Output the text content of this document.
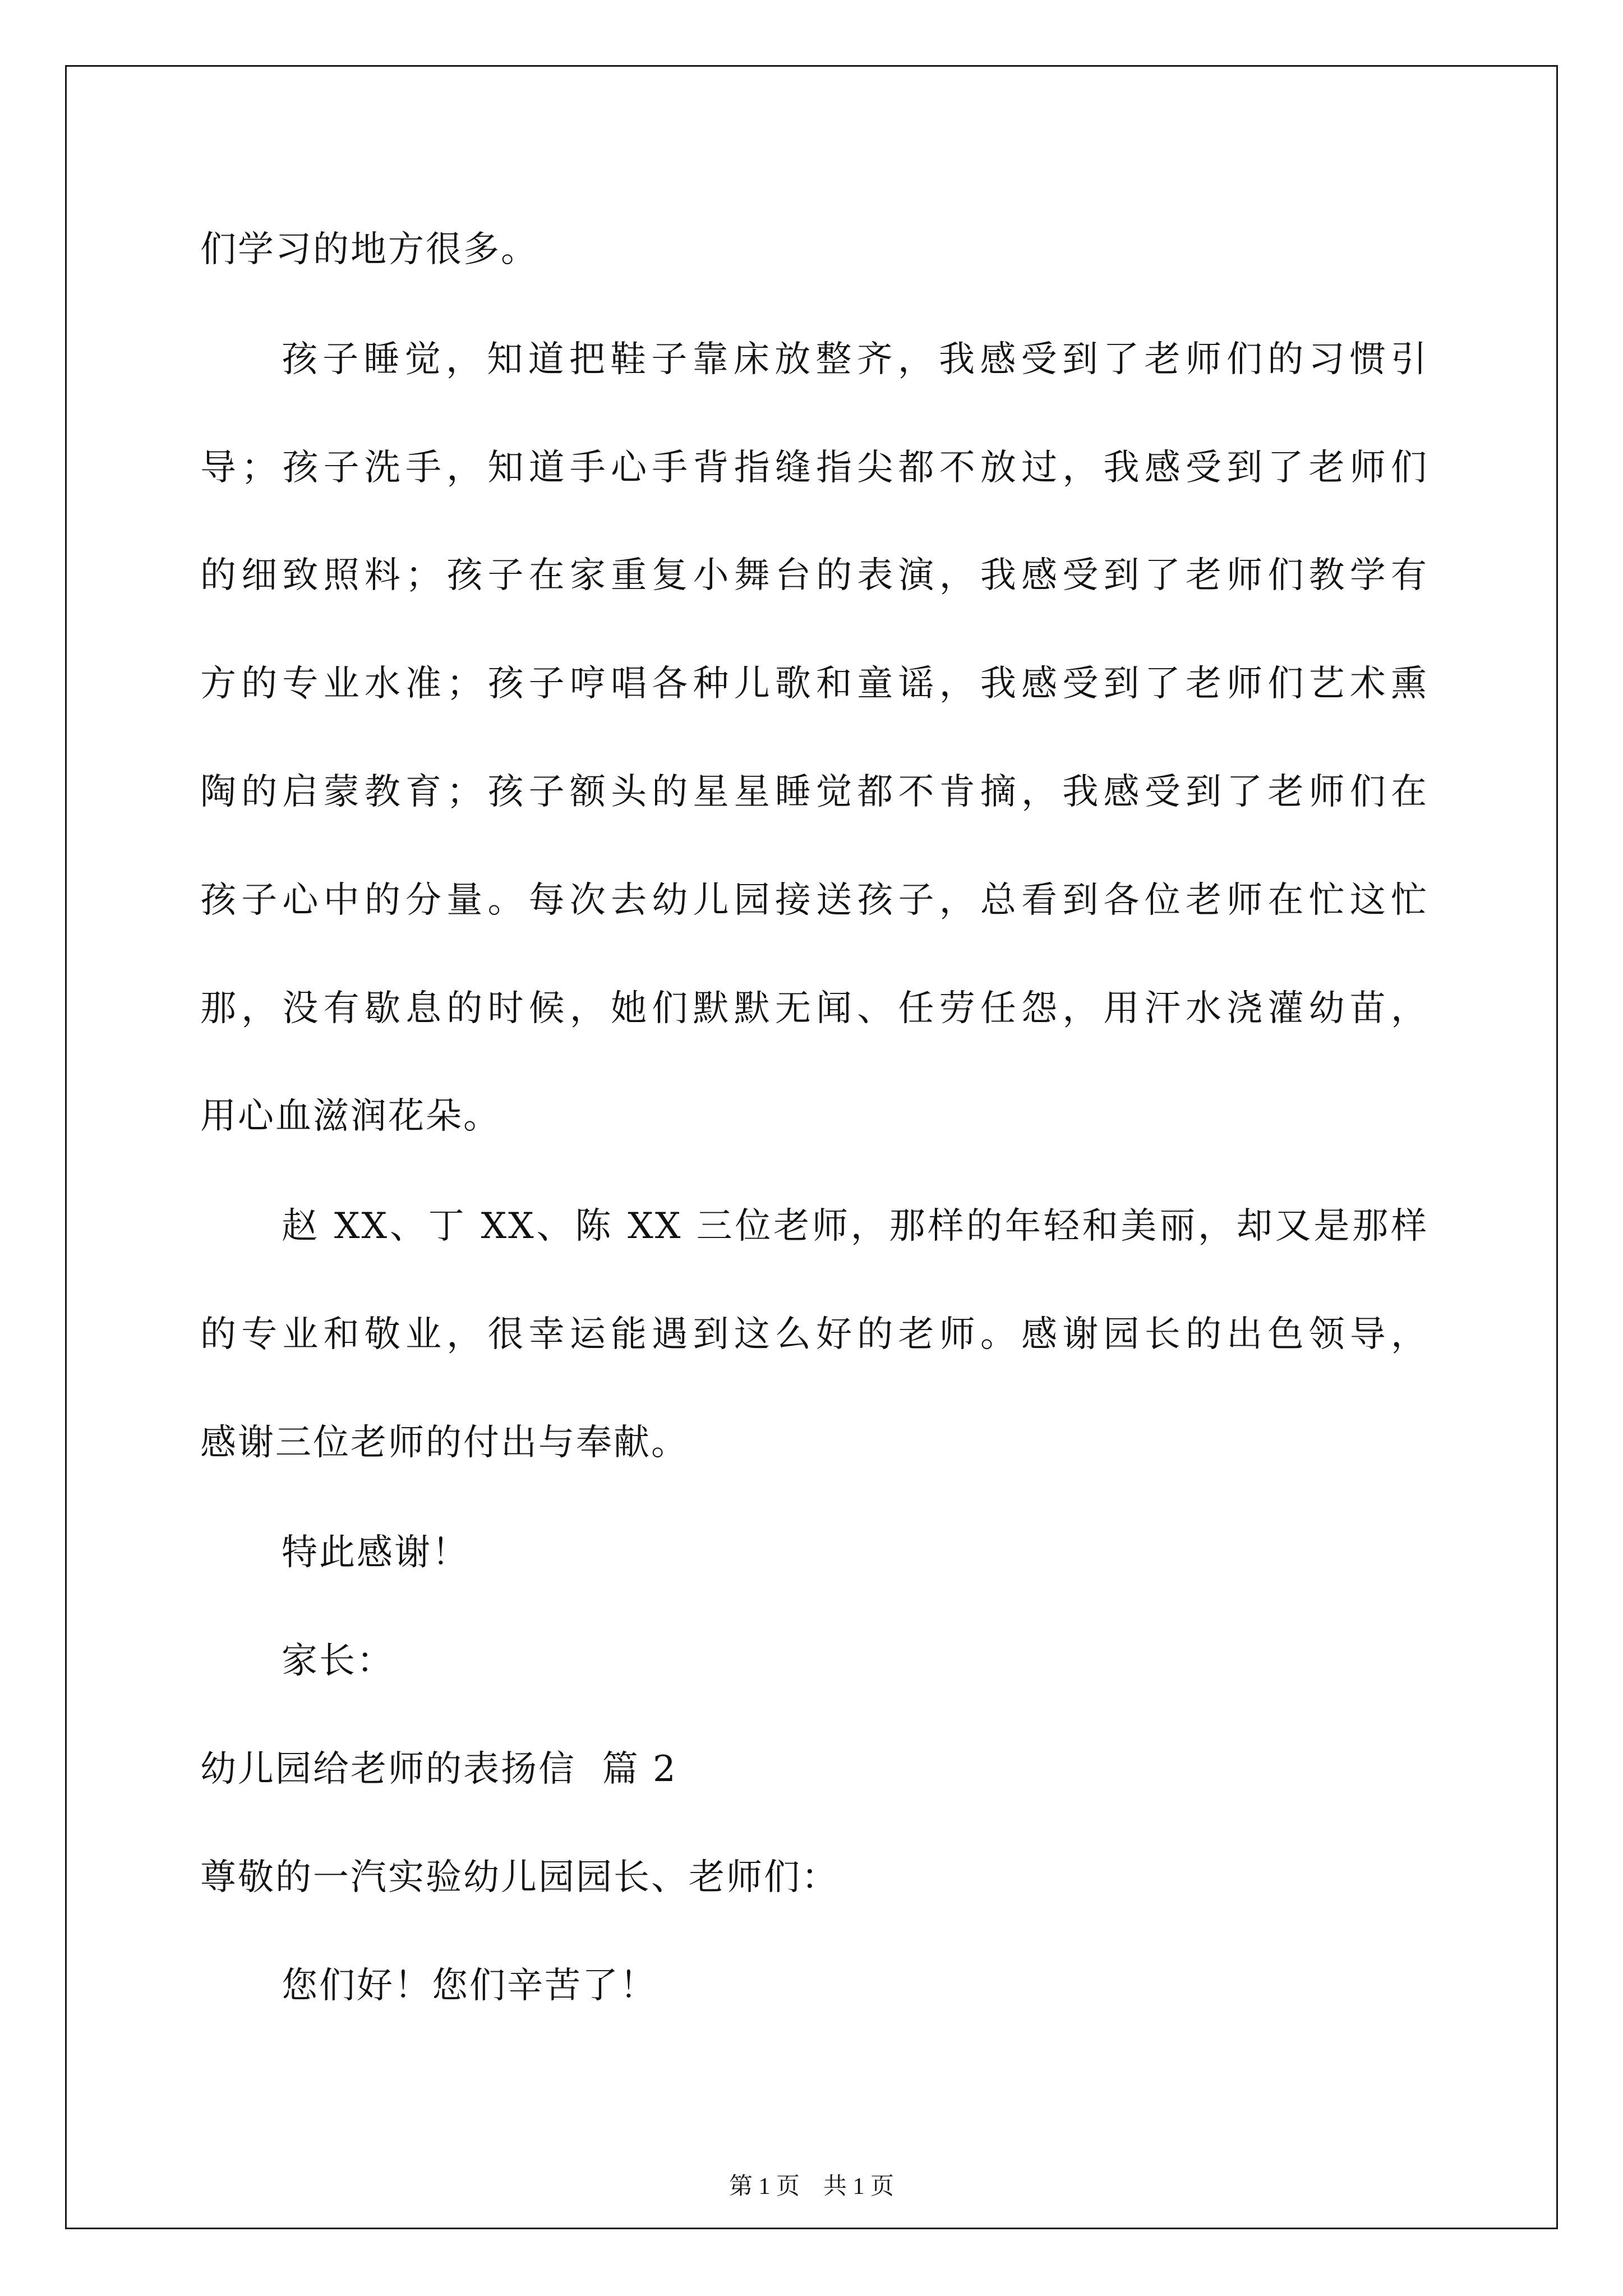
们学习的地方很多。

孩子睡觉，知道把鞋子靠床放整齐，我感受到了老师们的习惯引

导；孩子洗手，知道手心手背指缝指尖都不放过，我感受到了老师们

的细致照料；孩子在家重复小舞台的表演，我感受到了老师们教学有

方的专业水准；孩子哼唱各种儿歌和童谣，我感受到了老师们艺术熏

陶的启蒙教育；孩子额头的星星睡觉都不肯摘，我感受到了老师们在

孩子心中的分量。每次去幼儿园接送孩子，总看到各位老师在忙这忙

那，没有歇息的时候，她们默默无闻、任劳任怨，用汗水浇灌幼苗，

用心血滋润花朵。

赵 XX、丁 XX、陈 XX 三位老师，那样的年轻和美丽，却又是那样

的专业和敬业，很幸运能遇到这么好的老师。感谢园长的出色领导，

感谢三位老师的付出与奉献。

特此感谢！

家长：

幼儿园给老师的表扬信  篇 2

尊敬的一汽实验幼儿园园长、老师们：

您们好！您们辛苦了！

第 1 页    共 1 页
